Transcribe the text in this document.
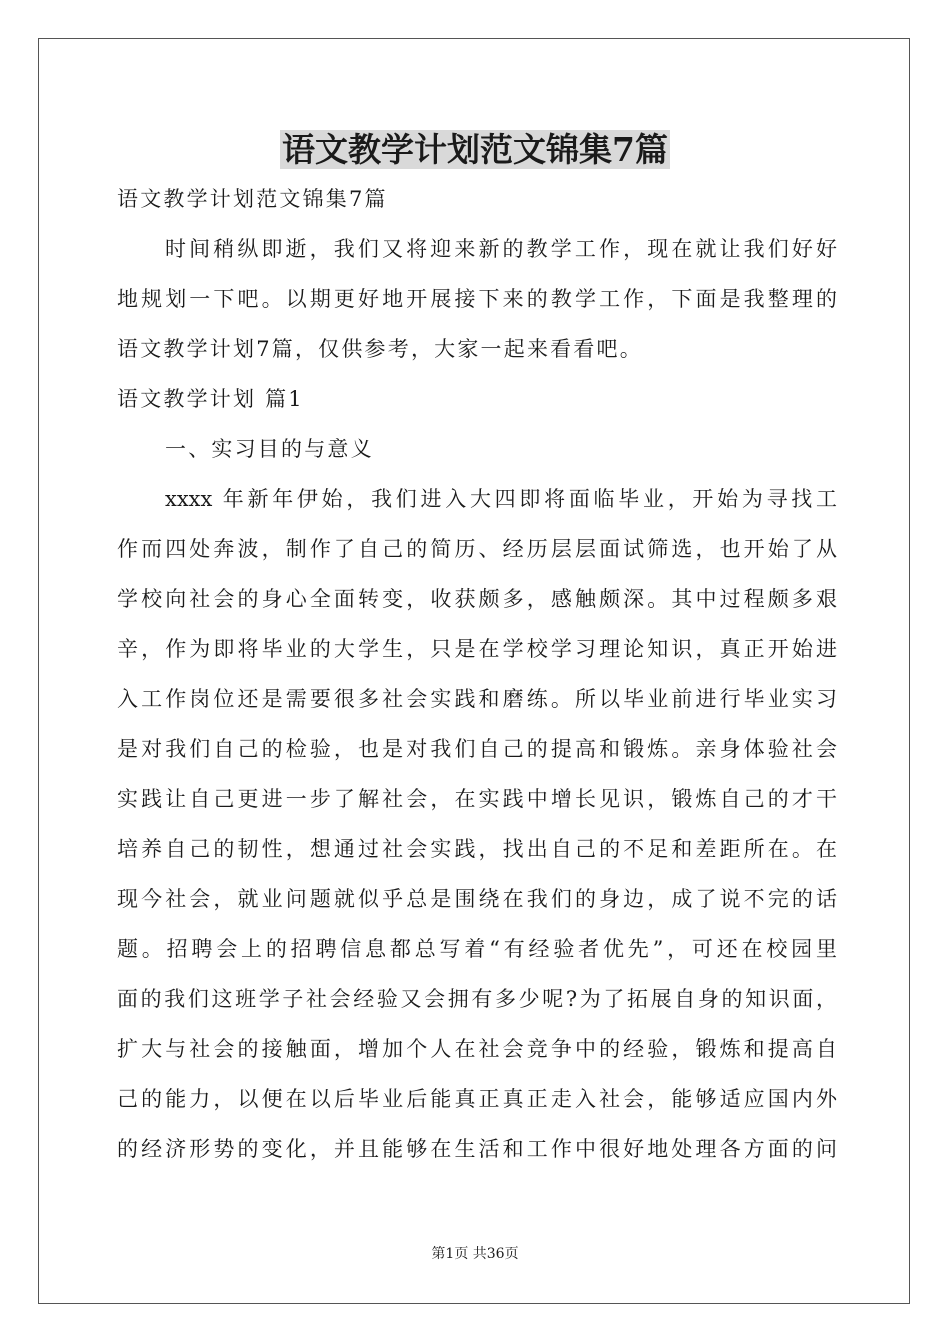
语文教学计划范文锦集7篇
语文教学计划范文锦集7篇
时间稍纵即逝，我们又将迎来新的教学工作，现在就让我们好好
地规划一下吧。以期更好地开展接下来的教学工作，下面是我整理的
语文教学计划7篇，仅供参考，大家一起来看看吧。
语文教学计划 篇1
一、实习目的与意义
xxxx 年新年伊始，我们进入大四即将面临毕业，开始为寻找工
作而四处奔波，制作了自己的简历、经历层层面试筛选，也开始了从
学校向社会的身心全面转变，收获颇多，感触颇深。其中过程颇多艰
辛，作为即将毕业的大学生，只是在学校学习理论知识，真正开始进
入工作岗位还是需要很多社会实践和磨练。所以毕业前进行毕业实习
是对我们自己的检验，也是对我们自己的提高和锻炼。亲身体验社会
实践让自己更进一步了解社会，在实践中增长见识，锻炼自己的才干
培养自己的韧性，想通过社会实践，找出自己的不足和差距所在。在
现今社会，就业问题就似乎总是围绕在我们的身边，成了说不完的话
题。招聘会上的招聘信息都总写着“有经验者优先”，可还在校园里
面的我们这班学子社会经验又会拥有多少呢?为了拓展自身的知识面，
扩大与社会的接触面，增加个人在社会竞争中的经验，锻炼和提高自
己的能力，以便在以后毕业后能真正真正走入社会，能够适应国内外
的经济形势的变化，并且能够在生活和工作中很好地处理各方面的问
第1页 共36页
